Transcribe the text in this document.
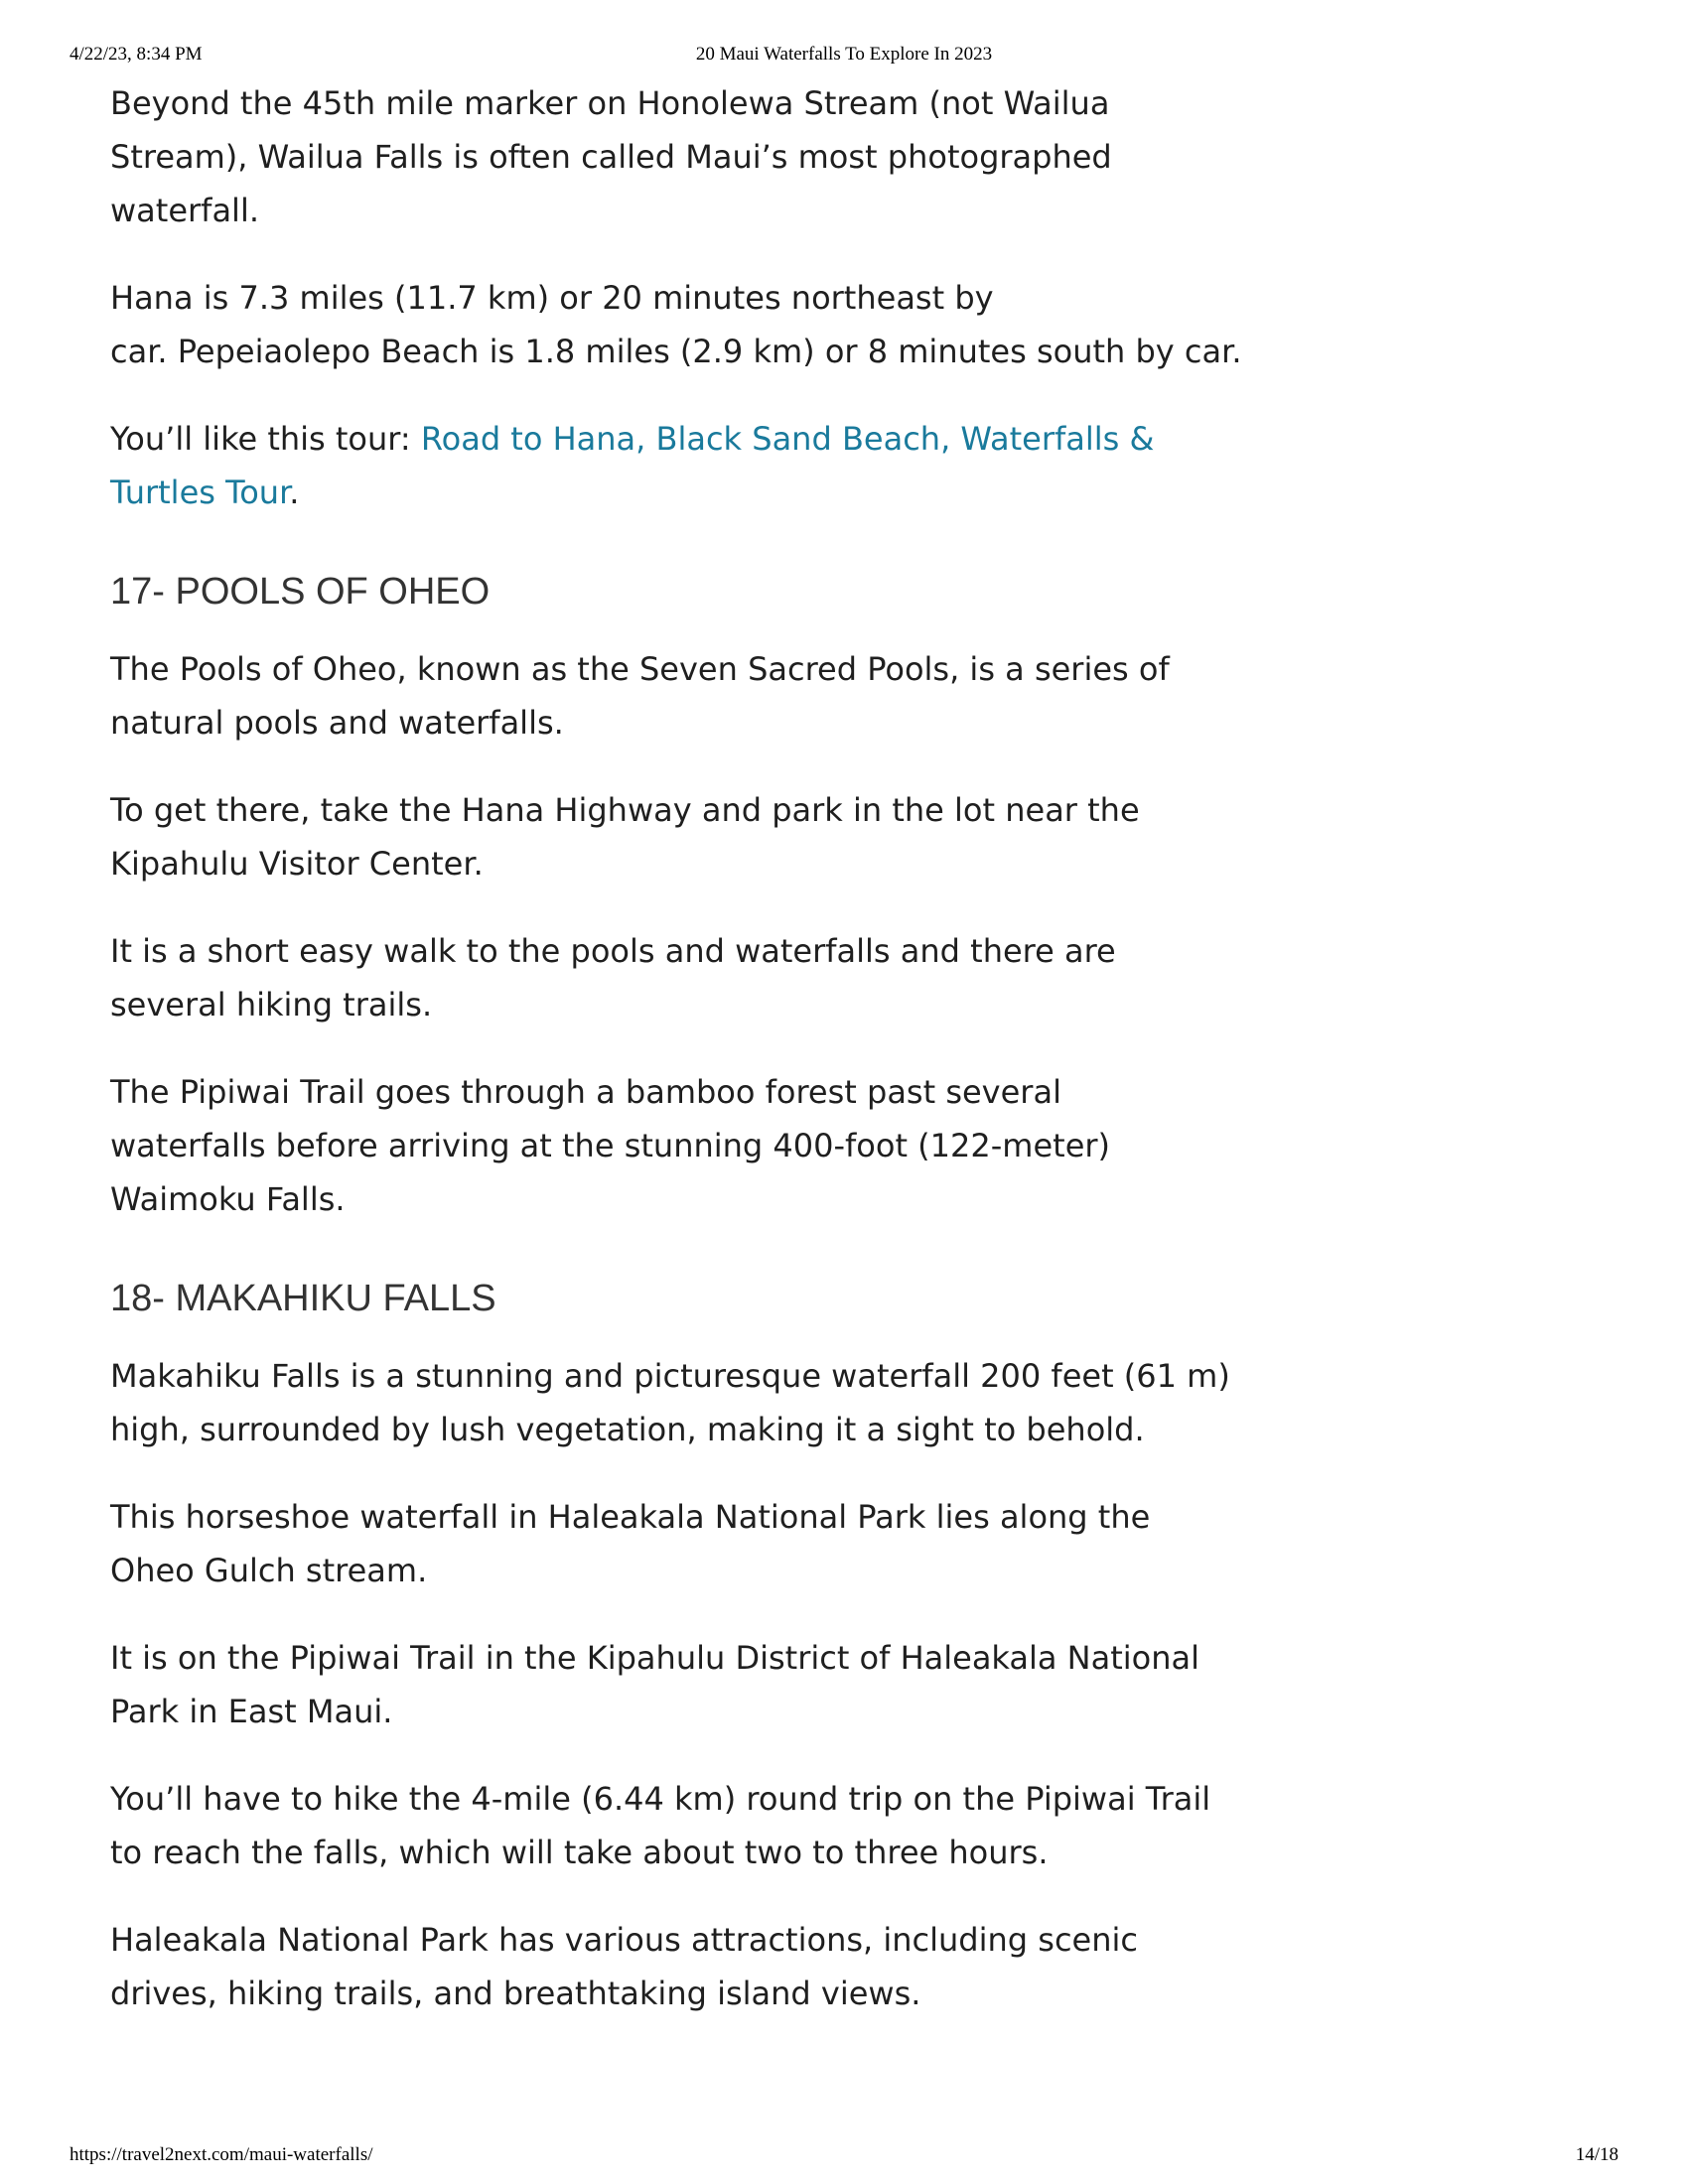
4/22/23, 8:34 PM	20 Maui Waterfalls To Explore In 2023

Beyond the 45th mile marker on Honolewa Stream (not Wailua Stream), Wailua Falls is often called Maui’s most photographed waterfall.

Hana is 7.3 miles (11.7 km) or 20 minutes northeast by
car. Pepeiaolepo Beach is 1.8 miles (2.9 km) or 8 minutes south by car.

You’ll like this tour: Road to Hana, Black Sand Beach, Waterfalls & Turtles Tour.

17- POOLS OF OHEO

The Pools of Oheo, known as the Seven Sacred Pools, is a series of natural pools and waterfalls.

To get there, take the Hana Highway and park in the lot near the Kipahulu Visitor Center.

It is a short easy walk to the pools and waterfalls and there are several hiking trails.

The Pipiwai Trail goes through a bamboo forest past several waterfalls before arriving at the stunning 400-foot (122-meter) Waimoku Falls.

18- MAKAHIKU FALLS

Makahiku Falls is a stunning and picturesque waterfall 200 feet (61 m) high, surrounded by lush vegetation, making it a sight to behold.

This horseshoe waterfall in Haleakala National Park lies along the Oheo Gulch stream.

It is on the Pipiwai Trail in the Kipahulu District of Haleakala National Park in East Maui.

You’ll have to hike the 4-mile (6.44 km) round trip on the Pipiwai Trail to reach the falls, which will take about two to three hours.

Haleakala National Park has various attractions, including scenic drives, hiking trails, and breathtaking island views.

https://travel2next.com/maui-waterfalls/	14/18
